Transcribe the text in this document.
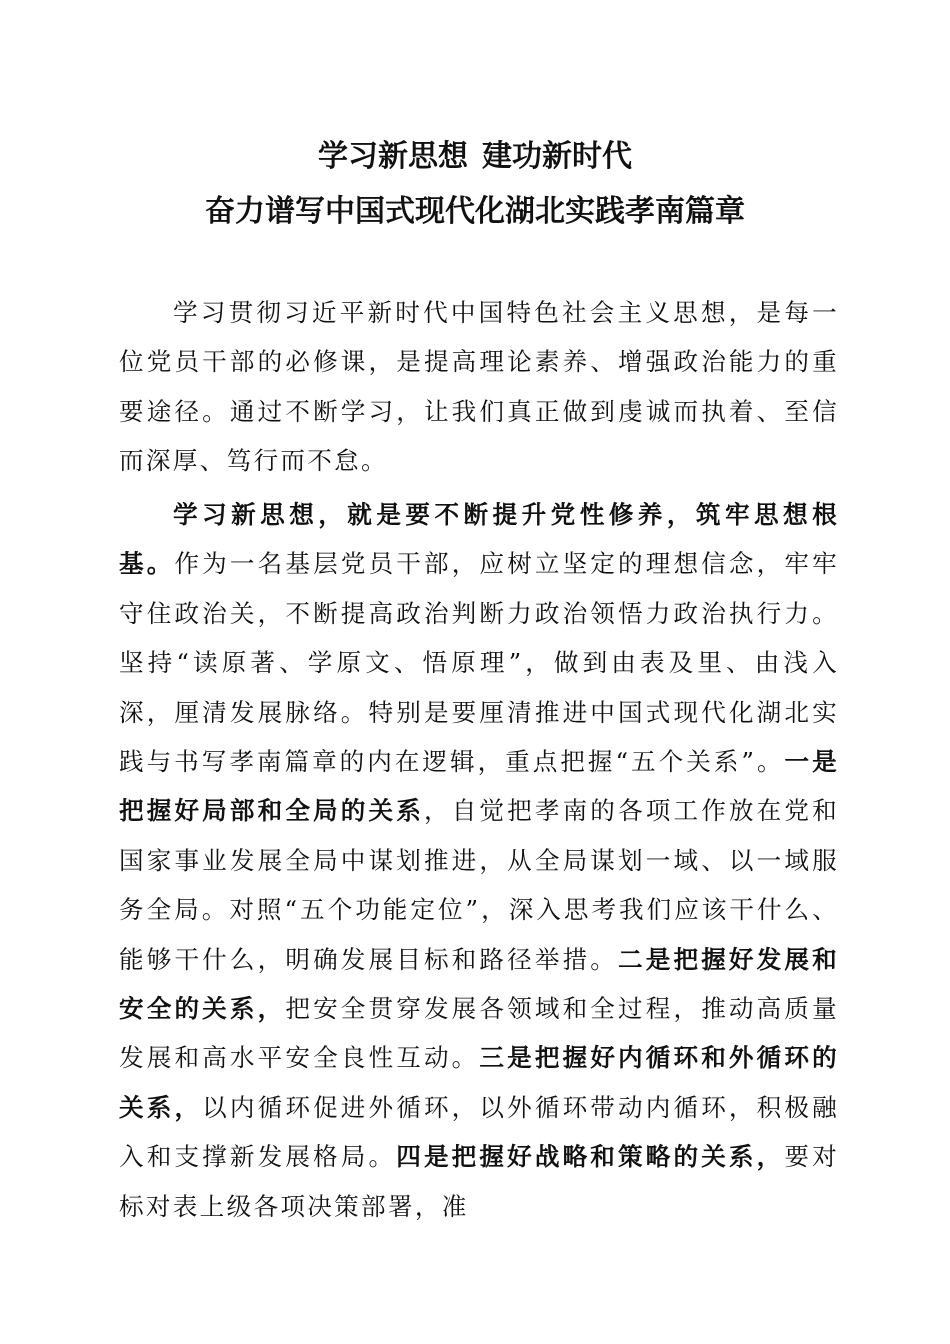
学习新思想 建功新时代
奋力谱写中国式现代化湖北实践孝南篇章

学习贯彻习近平新时代中国特色社会主义思想，是每一位党员干部的必修课，是提高理论素养、增强政治能力的重要途径。通过不断学习，让我们真正做到虔诚而执着、至信而深厚、笃行而不怠。

学习新思想，就是要不断提升党性修养，筑牢思想根基。作为一名基层党员干部，应树立坚定的理想信念，牢牢守住政治关，不断提高政治判断力政治领悟力政治执行力。坚持“读原著、学原文、悟原理”，做到由表及里、由浅入深，厘清发展脉络。特别是要厘清推进中国式现代化湖北实践与书写孝南篇章的内在逻辑，重点把握“五个关系”。一是把握好局部和全局的关系，自觉把孝南的各项工作放在党和国家事业发展全局中谋划推进，从全局谋划一域、以一域服务全局。对照“五个功能定位”，深入思考我们应该干什么、能够干什么，明确发展目标和路径举措。二是把握好发展和安全的关系，把安全贯穿发展各领域和全过程，推动高质量发展和高水平安全良性互动。三是把握好内循环和外循环的关系，以内循环促进外循环，以外循环带动内循环，积极融入和支撑新发展格局。四是把握好战略和策略的关系，要对标对表上级各项决策部署，准
